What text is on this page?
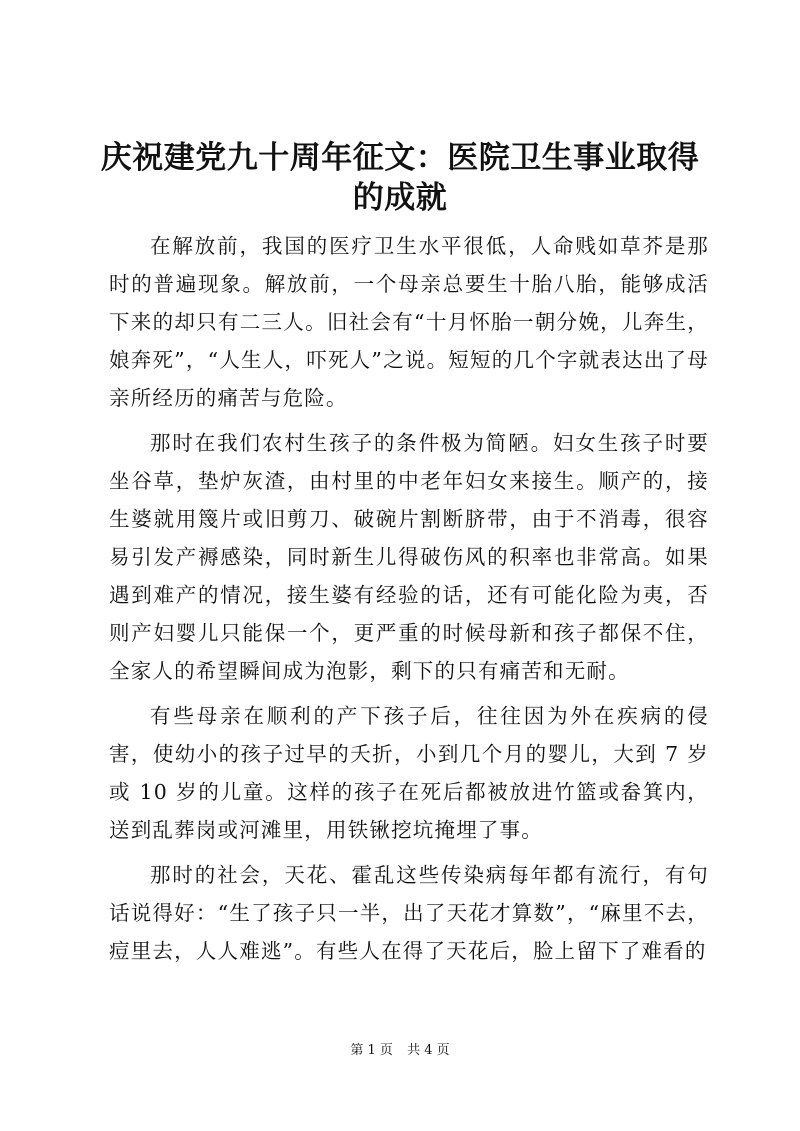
庆祝建党九十周年征文：医院卫生事业取得的成就

在解放前，我国的医疗卫生水平很低，人命贱如草芥是那时的普遍现象。解放前，一个母亲总要生十胎八胎，能够成活下来的却只有二三人。旧社会有“十月怀胎一朝分娩，儿奔生，娘奔死”，“人生人，吓死人”之说。短短的几个字就表达出了母亲所经历的痛苦与危险。

那时在我们农村生孩子的条件极为简陋。妇女生孩子时要坐谷草，垫炉灰渣，由村里的中老年妇女来接生。顺产的，接生婆就用篾片或旧剪刀、破碗片割断脐带，由于不消毒，很容易引发产褥感染，同时新生儿得破伤风的积率也非常高。如果遇到难产的情况，接生婆有经验的话，还有可能化险为夷，否则产妇婴儿只能保一个，更严重的时候母新和孩子都保不住，全家人的希望瞬间成为泡影，剩下的只有痛苦和无耐。

有些母亲在顺利的产下孩子后，往往因为外在疾病的侵害，使幼小的孩子过早的夭折，小到几个月的婴儿，大到 7 岁或 10 岁的儿童。这样的孩子在死后都被放进竹篮或畚箕内，送到乱葬岗或河滩里，用铁锹挖坑掩埋了事。

那时的社会，天花、霍乱这些传染病每年都有流行，有句话说得好：“生了孩子只一半，出了天花才算数”，“麻里不去，痘里去，人人难逃”。有些人在得了天花后，脸上留下了难看的

第 1 页 共 4 页
